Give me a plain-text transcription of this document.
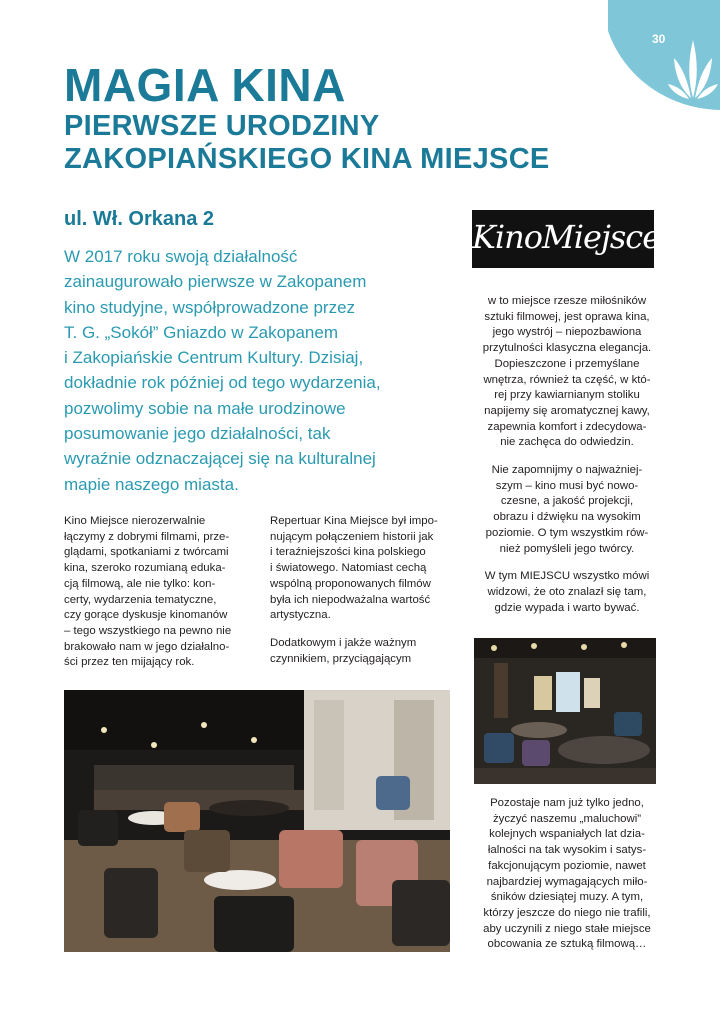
30
MAGIA KINA
PIERWSZE URODZINY
ZAKOPIAŃSKIEGO KINA MIEJSCE
ul. Wł. Orkana 2

W 2017 roku swoją działalność
zainaugurowało pierwsze w Zakopanem
kino studyjne, współprowadzone przez
T. G. „Sokół” Gniazdo w Zakopanem
i Zakopiańskie Centrum Kultury. Dzisiaj,
dokładnie rok później od tego wydarzenia,
pozwolimy sobie na małe urodzinowe
posumowanie jego działalności, tak
wyraźnie odznaczającej się na kulturalnej
mapie naszego miasta.

Kino Miejsce nierozerwalnie
łączymy z dobrymi filmami, prze-
glądami, spotkaniami z twórcami
kina, szeroko rozumianą eduka-
cją filmową, ale nie tylko: kon-
certy, wydarzenia tematyczne,
czy gorące dyskusje kinomanów
– tego wszystkiego na pewno nie
brakowało nam w jego działalno-
ści przez ten mijający rok.

Repertuar Kina Miejsce był impo-
nującym połączeniem historii jak
i teraźniejszości kina polskiego
i światowego. Natomiast cechą
wspólną proponowanych filmów
była ich niepodważalna wartość
artystyczna.

Dodatkowym i jakże ważnym
czynnikiem, przyciągającym

KinoMiejsce

w to miejsce rzesze miłośników
sztuki filmowej, jest oprawa kina,
jego wystrój – niepozbawiona
przytulności klasyczna elegancja.
Dopieszczone i przemyślane
wnętrza, również ta część, w któ-
rej przy kawiarnianym stoliku
napijemy się aromatycznej kawy,
zapewnia komfort i zdecydowa-
nie zachęca do odwiedzin.

Nie zapomnijmy o najważniej-
szym – kino musi być nowo-
czesne, a jakość projekcji,
obrazu i dźwięku na wysokim
poziomie. O tym wszystkim rów-
nież pomyśleli jego twórcy.

W tym MIEJSCU wszystko mówi
widzowi, że oto znalazł się tam,
gdzie wypada i warto bywać.

Pozostaje nam już tylko jedno,
życzyć naszemu „maluchowi”
kolejnych wspaniałych lat dzia-
łalności na tak wysokim i satys-
fakcjonującym poziomie, nawet
najbardziej wymagających miło-
śników dziesiątej muzy. A tym,
którzy jeszcze do niego nie trafili,
aby uczynili z niego stałe miejsce
obcowania ze sztuką filmową…
